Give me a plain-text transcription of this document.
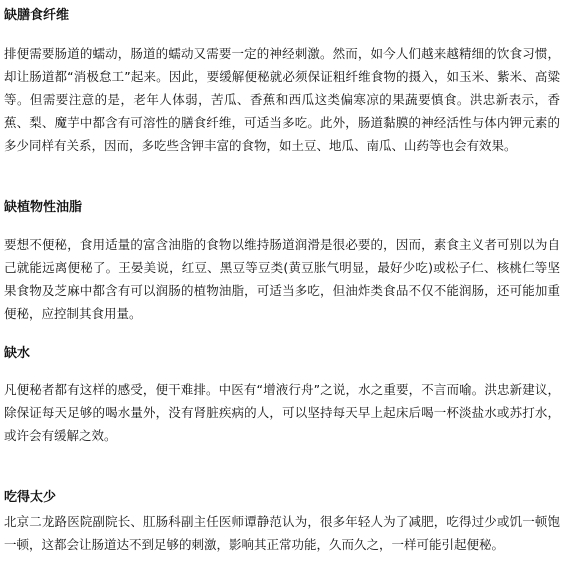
缺膳食纤维

排便需要肠道的蠕动，肠道的蠕动又需要一定的神经刺激。然而，如今人们越来越精细的饮食习惯，却让肠道都“消极怠工”起来。因此，要缓解便秘就必须保证粗纤维食物的摄入，如玉米、紫米、高粱等。但需要注意的是，老年人体弱，苦瓜、香蕉和西瓜这类偏寒凉的果蔬要慎食。洪忠新表示，香蕉、梨、魔芋中都含有可溶性的膳食纤维，可适当多吃。此外，肠道黏膜的神经活性与体内钾元素的多少同样有关系，因而，多吃些含钾丰富的食物，如土豆、地瓜、南瓜、山药等也会有效果。

缺植物性油脂

要想不便秘，食用适量的富含油脂的食物以维持肠道润滑是很必要的，因而，素食主义者可别以为自己就能远离便秘了。王晏美说，红豆、黑豆等豆类(黄豆胀气明显，最好少吃)或松子仁、核桃仁等坚果食物及芝麻中都含有可以润肠的植物油脂，可适当多吃，但油炸类食品不仅不能润肠，还可能加重便秘，应控制其食用量。

缺水

凡便秘者都有这样的感受，便干难排。中医有“增液行舟”之说，水之重要，不言而喻。洪忠新建议，除保证每天足够的喝水量外，没有肾脏疾病的人，可以坚持每天早上起床后喝一杯淡盐水或苏打水，或许会有缓解之效。

吃得太少

北京二龙路医院副院长、肛肠科副主任医师谭静范认为，很多年轻人为了减肥，吃得过少或饥一顿饱一顿，这都会让肠道达不到足够的刺激，影响其正常功能，久而久之，一样可能引起便秘。
